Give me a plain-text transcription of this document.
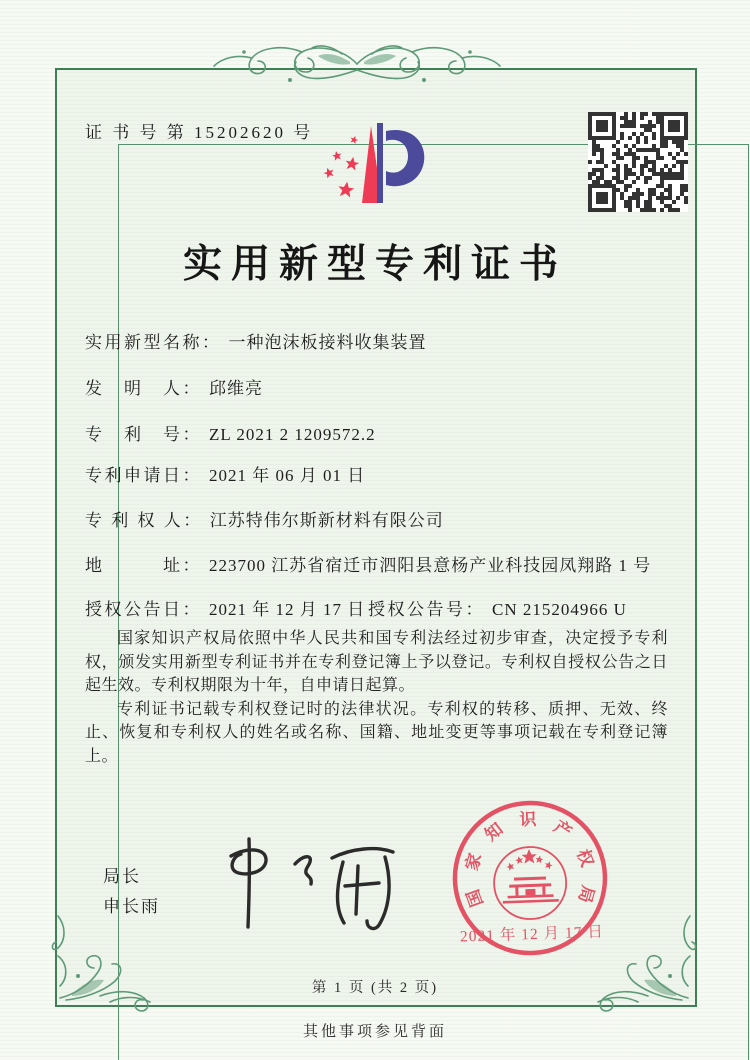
证 书 号 第 15202620 号
实用新型专利证书
实用新型名称： 一种泡沫板接料收集装置
发　明　人： 邱维亮
专　利　号： ZL 2021 2 1209572.2
专利申请日： 2021 年 06 月 01 日
专 利 权 人： 江苏特伟尔斯新材料有限公司
地　　　址： 223700 江苏省宿迁市泗阳县意杨产业科技园凤翔路 1 号
授权公告日： 2021 年 12 月 17 日 授权公告号： CN 215204966 U

国家知识产权局依照中华人民共和国专利法经过初步审查，决定授予专利权，颁发实用新型专利证书并在专利登记簿上予以登记。专利权自授权公告之日起生效。专利权期限为十年，自申请日起算。

专利证书记载专利权登记时的法律状况。专利权的转移、质押、无效、终止、恢复和专利权人的姓名或名称、国籍、地址变更等事项记载在专利登记簿上。

局长
申长雨	国
家
知 识 产
权
局
2021 年 12 月 17 日
第 1 页 (共 2 页)
其他事项参见背面
